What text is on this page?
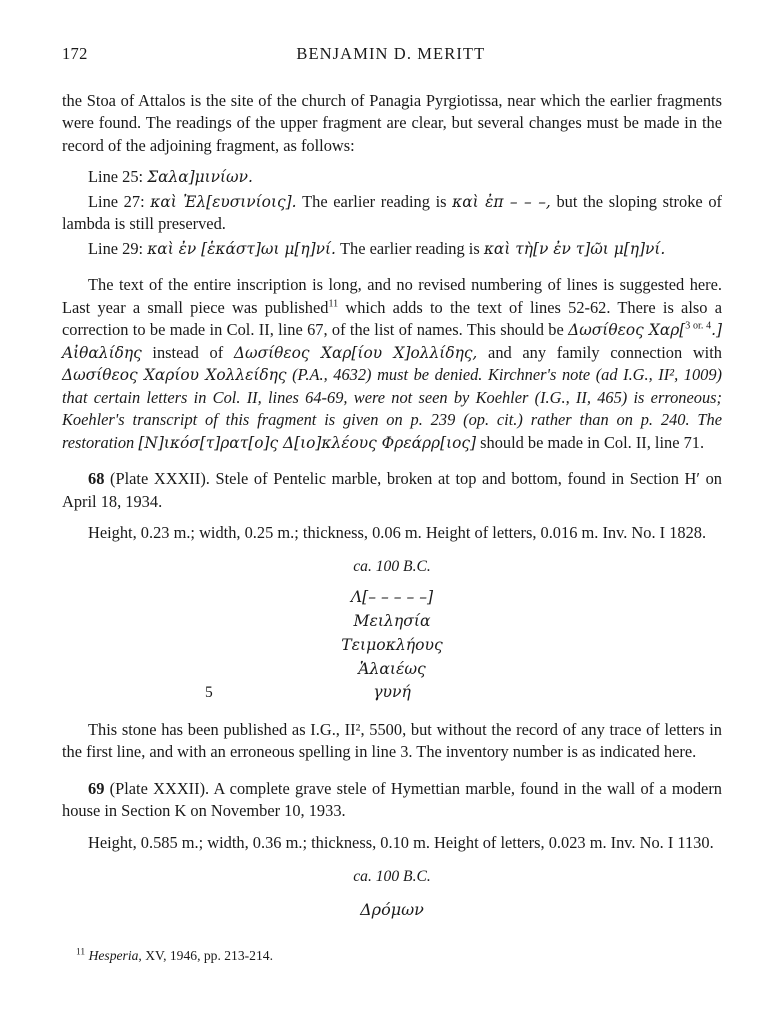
172	BENJAMIN D. MERITT

the Stoa of Attalos is the site of the church of Panagia Pyrgiotissa, near which the earlier fragments were found. The readings of the upper fragment are clear, but several changes must be made in the record of the adjoining fragment, as follows:

Line 25: Σαλα]μινίων.

Line 27: καὶ Ἐλ[ευσινίοις]. The earlier reading is καὶ ἐπ – – –, but the sloping stroke of lambda is still preserved.

Line 29: καὶ ἐν [ἑκάστ]ωι μ[η]νί. The earlier reading is καὶ τὴ[ν ἐν τ]ῶι μ[η]νί.

The text of the entire inscription is long, and no revised numbering of lines is suggested here. Last year a small piece was published$^{11}$ which adds to the text of lines 52-62. There is also a correction to be made in Col. II, line 67, of the list of names. This should be Δωσίθεος Χαρ[$^{3 or. 4}$.] Αἰθαλίδης instead of Δωσίθεος Χαρ[ίου Χ]ολλίδης, and any family connection with Δωσίθεος Χαρίου Χολλείδης (P.A., 4632) must be denied. Kirchner's note (ad I.G., II², 1009) that certain letters in Col. II, lines 64-69, were not seen by Koehler (I.G., II, 465) is erroneous; Koehler's transcript of this fragment is given on p. 239 (op. cit.) rather than on p. 240. The restoration [Ν]ικόσ[τ]ρατ[ο]ς Δ[ιο]κλέους Φρεάρρ[ιος] should be made in Col. II, line 71.

68 (Plate XXXII). Stele of Pentelic marble, broken at top and bottom, found in Section H′ on April 18, 1934.

Height, 0.23 m.; width, 0.25 m.; thickness, 0.06 m. Height of letters, 0.016 m. Inv. No. I 1828.

ca. 100 B.C.
Λ[– – – – –]
Μειλησία
Τειμοκλήους
Ἁλαιέως
5	γυνή

This stone has been published as I.G., II², 5500, but without the record of any trace of letters in the first line, and with an erroneous spelling in line 3. The inventory number is as indicated here.

69 (Plate XXXII). A complete grave stele of Hymettian marble, found in the wall of a modern house in Section K on November 10, 1933.

Height, 0.585 m.; width, 0.36 m.; thickness, 0.10 m. Height of letters, 0.023 m. Inv. No. I 1130.

ca. 100 B.C.
Δρόμων
$^{11}$ Hesperia, XV, 1946, pp. 213-214.
